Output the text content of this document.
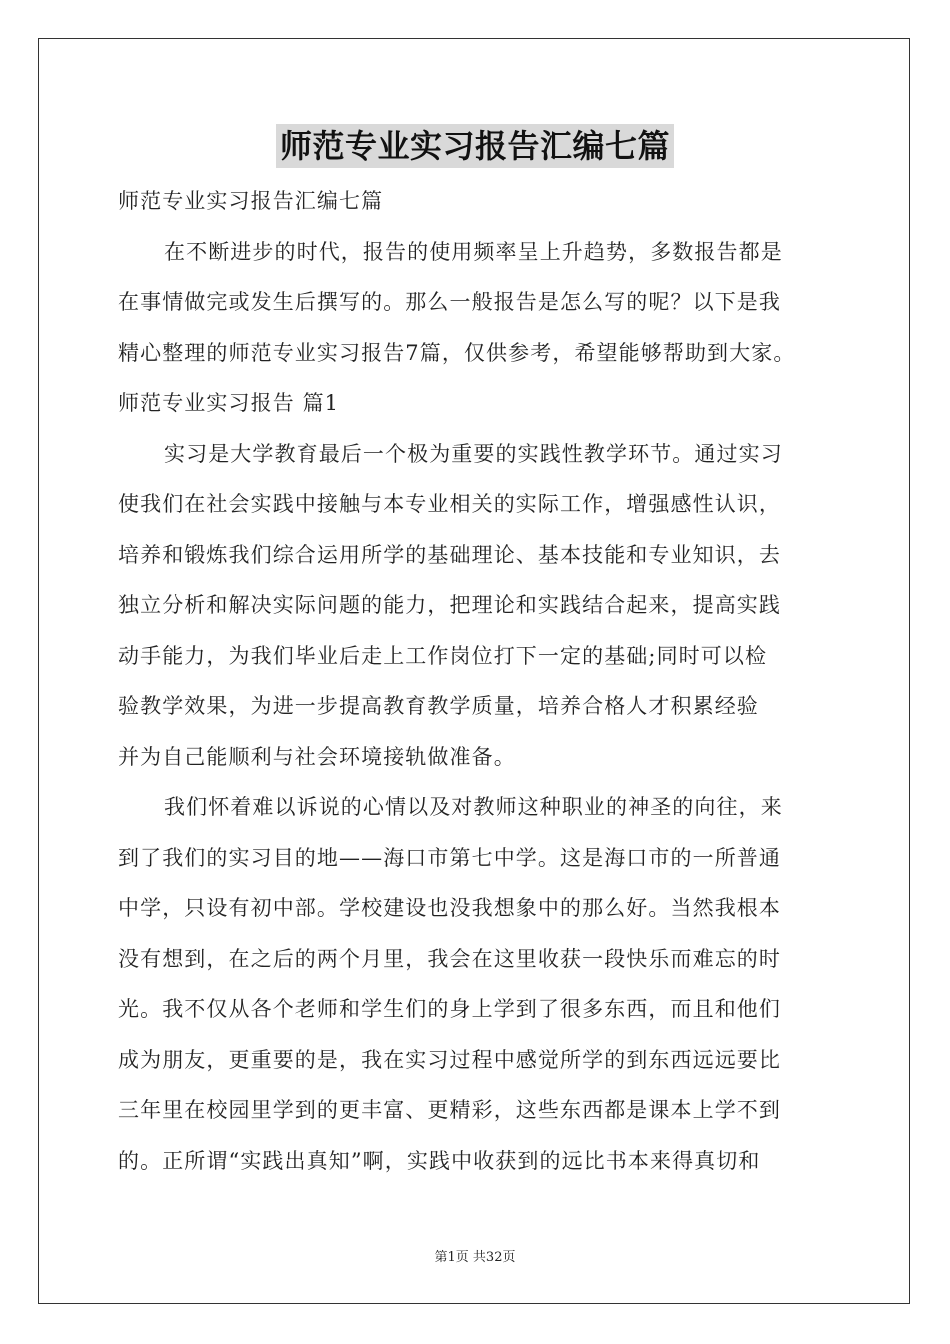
师范专业实习报告汇编七篇
师范专业实习报告汇编七篇
在不断进步的时代，报告的使用频率呈上升趋势，多数报告都是
在事情做完或发生后撰写的。那么一般报告是怎么写的呢？以下是我
精心整理的师范专业实习报告7篇，仅供参考，希望能够帮助到大家。
师范专业实习报告 篇1
实习是大学教育最后一个极为重要的实践性教学环节。通过实习
使我们在社会实践中接触与本专业相关的实际工作，增强感性认识，
培养和锻炼我们综合运用所学的基础理论、基本技能和专业知识，去
独立分析和解决实际问题的能力，把理论和实践结合起来，提高实践
动手能力，为我们毕业后走上工作岗位打下一定的基础;同时可以检
验教学效果，为进一步提高教育教学质量，培养合格人才积累经验
并为自己能顺利与社会环境接轨做准备。
我们怀着难以诉说的心情以及对教师这种职业的神圣的向往，来
到了我们的实习目的地——海口市第七中学。这是海口市的一所普通
中学，只设有初中部。学校建设也没我想象中的那么好。当然我根本
没有想到，在之后的两个月里，我会在这里收获一段快乐而难忘的时
光。我不仅从各个老师和学生们的身上学到了很多东西，而且和他们
成为朋友，更重要的是，我在实习过程中感觉所学的到东西远远要比
三年里在校园里学到的更丰富、更精彩，这些东西都是课本上学不到
的。正所谓“实践出真知”啊，实践中收获到的远比书本来得真切和
第1页 共32页
